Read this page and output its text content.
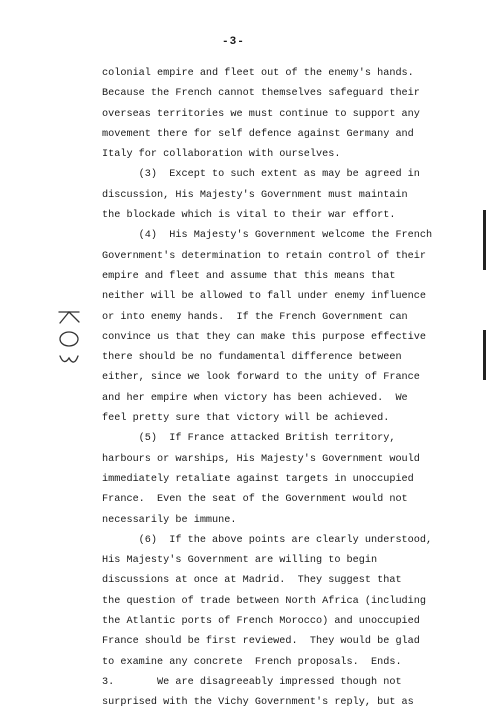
-3-
colonial empire and fleet out of the enemy's hands.
Because the French cannot themselves safeguard their
overseas territories we must continue to support any
movement there for self defence against Germany and
Italy for collaboration with ourselves.
(3)  Except to such extent as may be agreed in
discussion, His Majesty's Government must maintain
the blockade which is vital to their war effort.
(4)  His Majesty's Government welcome the French
Government's determination to retain control of their
empire and fleet and assume that this means that
neither will be allowed to fall under enemy influence
or into enemy hands.  If the French Government can
convince us that they can make this purpose effective
there should be no fundamental difference between
either, since we look forward to the unity of France
and her empire when victory has been achieved.  We
feel pretty sure that victory will be achieved.
(5)  If France attacked British territory,
harbours or warships, His Majesty's Government would
immediately retaliate against targets in unoccupied
France.  Even the seat of the Government would not
necessarily be immune.
(6)  If the above points are clearly understood,
His Majesty's Government are willing to begin
discussions at once at Madrid.  They suggest that
the question of trade between North Africa (including
the Atlantic ports of French Morocco) and unoccupied
France should be first reviewed.  They would be glad
to examine any concrete  French proposals.  Ends.
3.       We are disagreeably impressed though not
surprised with the Vichy Government's reply, but as
